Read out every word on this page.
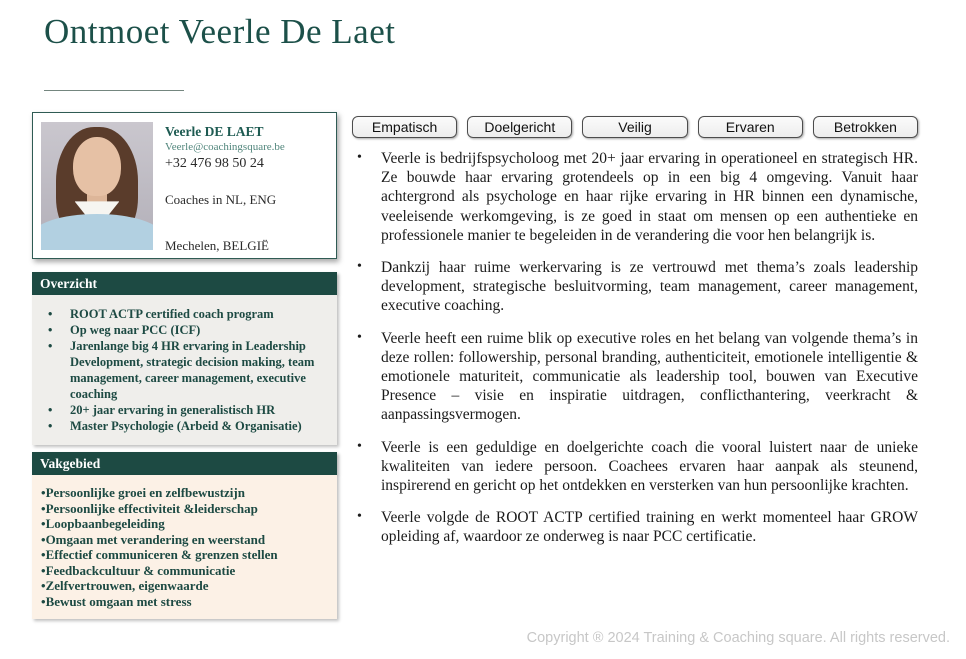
Ontmoet Veerle De Laet
Veerle DE LAET
Veerle@coachingsquare.be
+32 476 98 50 24
Coaches in NL, ENG
Mechelen, BELGIË
Overzicht
• ROOT ACTP certified coach program
• Op weg naar PCC (ICF)
• Jarenlange big 4 HR ervaring in Leadership Development, strategic decision making, team management, career management, executive coaching
• 20+ jaar ervaring in generalistisch HR
• Master Psychologie (Arbeid & Organisatie)
Vakgebied
• Persoonlijke groei en zelfbewustzijn
• Persoonlijke effectiviteit &leiderschap
• Loopbaanbegeleiding
• Omgaan met verandering en weerstand
• Effectief communiceren & grenzen stellen
• Feedbackcultuur & communicatie
• Zelfvertrouwen, eigenwaarde
• Bewust omgaan met stress
Empatisch	Doelgericht	Veilig	Ervaren	Betrokken
•	Veerle is bedrijfspsycholoog met 20+ jaar ervaring in operationeel en strategisch HR. Ze bouwde haar ervaring grotendeels op in een big 4 omgeving. Vanuit haar achtergrond als psychologe en haar rijke ervaring in HR binnen een dynamische, veeleisende werkomgeving, is ze goed in staat om mensen op een authentieke en professionele manier te begeleiden in de verandering die voor hen belangrijk is.

•	Dankzij haar ruime werkervaring is ze vertrouwd met thema’s zoals leadership development, strategische besluitvorming, team management, career management, executive coaching.

•	Veerle heeft een ruime blik op executive roles en het belang van volgende thema’s in deze rollen: followership, personal branding, authenticiteit, emotionele intelligentie & emotionele maturiteit, communicatie als leadership tool, bouwen van Executive Presence – visie en inspiratie uitdragen, conflicthantering, veerkracht & aanpassingsvermogen.

•	Veerle is een geduldige en doelgerichte coach die vooral luistert naar de unieke kwaliteiten van iedere persoon. Coachees ervaren haar aanpak als steunend, inspirerend en gericht op het ontdekken en versterken van hun persoonlijke krachten.

•	Veerle volgde de ROOT ACTP certified training en werkt momenteel haar GROW opleiding af, waardoor ze onderweg is naar PCC certificatie.

Copyright ® 2024 Training & Coaching square. All rights reserved.
